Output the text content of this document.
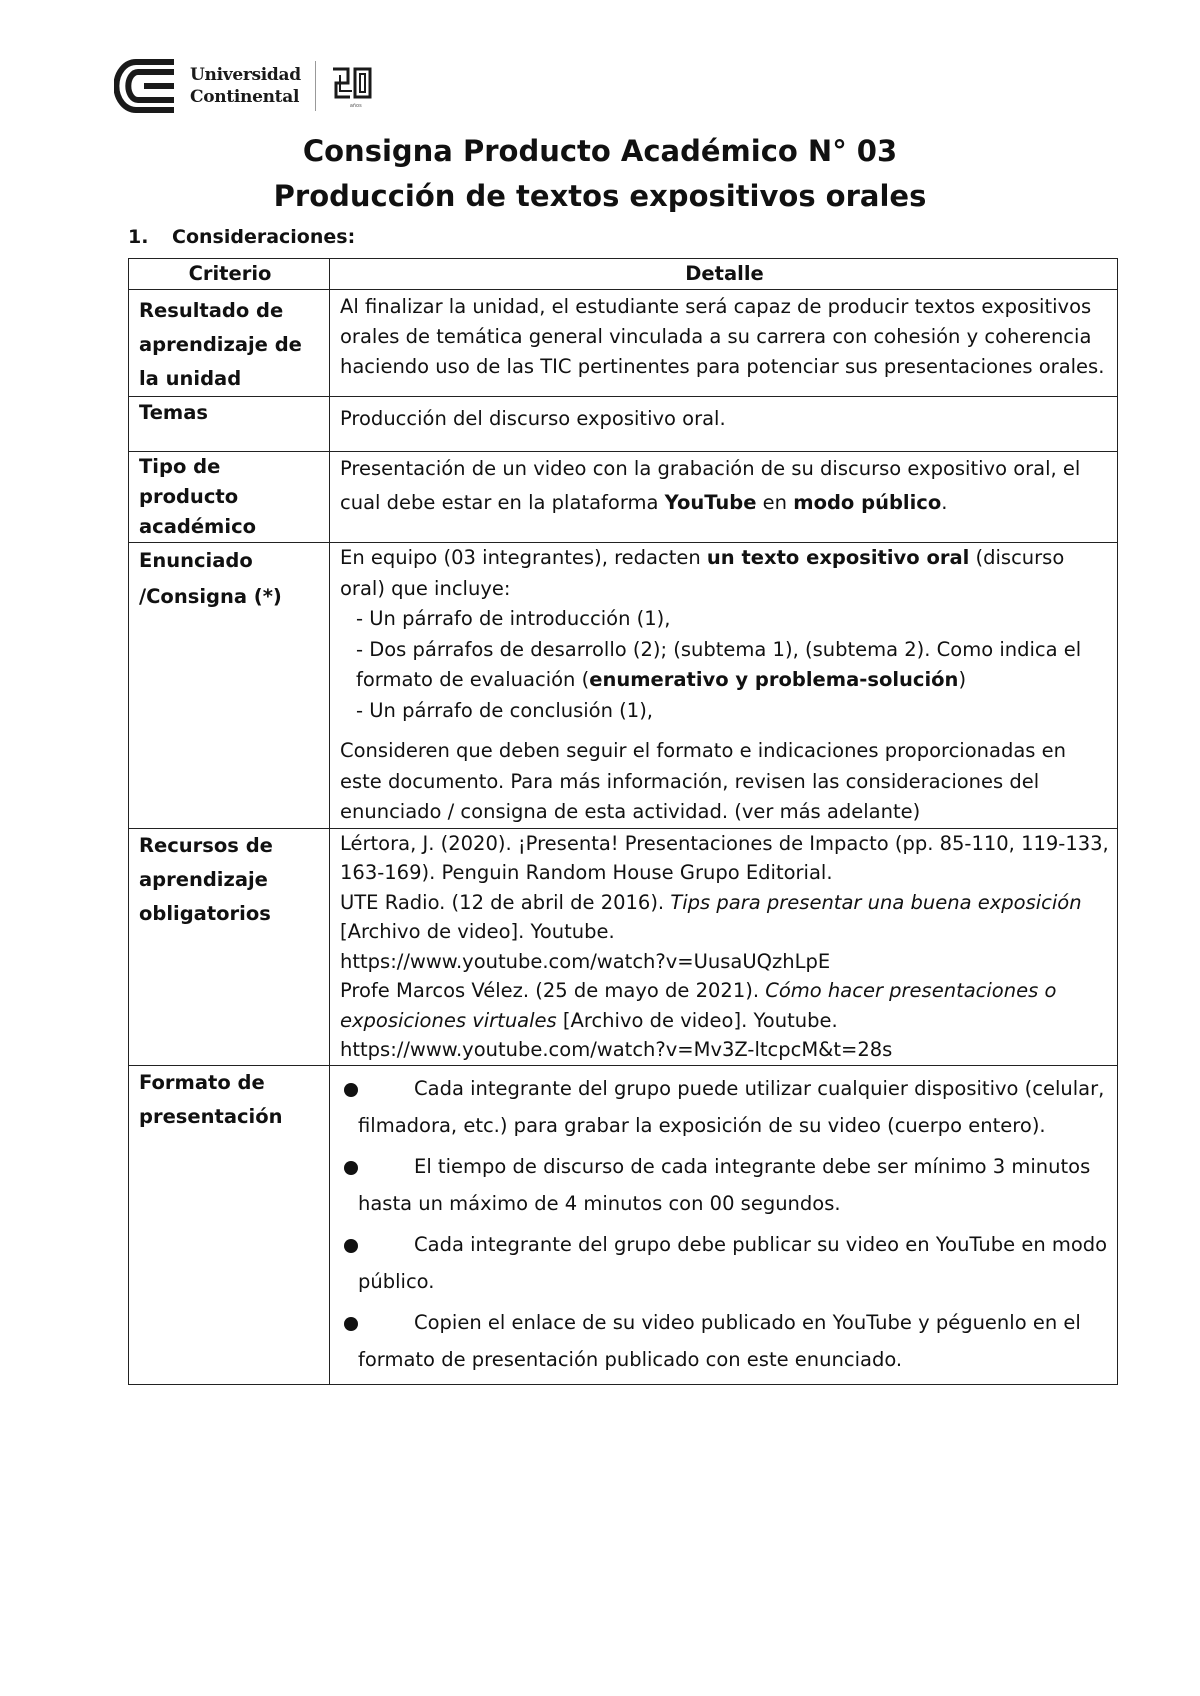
Universidad
Continental	años
Consigna Producto Académico N° 03
Producción de textos expositivos orales
1. Consideraciones:
Criterio	Detalle
Resultado de aprendizaje de la unidad	Al finalizar la unidad, el estudiante será capaz de producir textos expositivos orales de temática general vinculada a su carrera con cohesión y coherencia haciendo uso de las TIC pertinentes para potenciar sus presentaciones orales.
Temas	Producción del discurso expositivo oral.
Tipo de producto académico	Presentación de un video con la grabación de su discurso expositivo oral, el cual debe estar en la plataforma YouTube en modo público.
Enunciado /Consigna (*)	En equipo (03 integrantes), redacten un texto expositivo oral (discurso oral) que incluye:
- Un párrafo de introducción (1),
- Dos párrafos de desarrollo (2); (subtema 1), (subtema 2). Como indica el formato de evaluación (enumerativo y problema-solución)
- Un párrafo de conclusión (1),
Consideren que deben seguir el formato e indicaciones proporcionadas en este documento. Para más información, revisen las consideraciones del enunciado / consigna de esta actividad. (ver más adelante)

Recursos de aprendizaje obligatorios	Lértora, J. (2020). ¡Presenta! Presentaciones de Impacto (pp. 85-110, 119-133, 163-169). Penguin Random House Grupo Editorial.
UTE Radio. (12 de abril de 2016). Tips para presentar una buena exposición [Archivo de video]. Youtube.
https://www.youtube.com/watch?v=UusaUQzhLpE
Profe Marcos Vélez. (25 de mayo de 2021). Cómo hacer presentaciones o exposiciones virtuales [Archivo de video]. Youtube.
https://www.youtube.com/watch?v=Mv3Z-ltcpcM&t=28s

Formato de presentación	Cada integrante del grupo puede utilizar cualquier dispositivo (celular, filmadora, etc.) para grabar la exposición de su video (cuerpo entero).
El tiempo de discurso de cada integrante debe ser mínimo 3 minutos hasta un máximo de 4 minutos con 00 segundos.
Cada integrante del grupo debe publicar su video en YouTube en modo público.
Copien el enlace de su video publicado en YouTube y péguenlo en el formato de presentación publicado con este enunciado.
